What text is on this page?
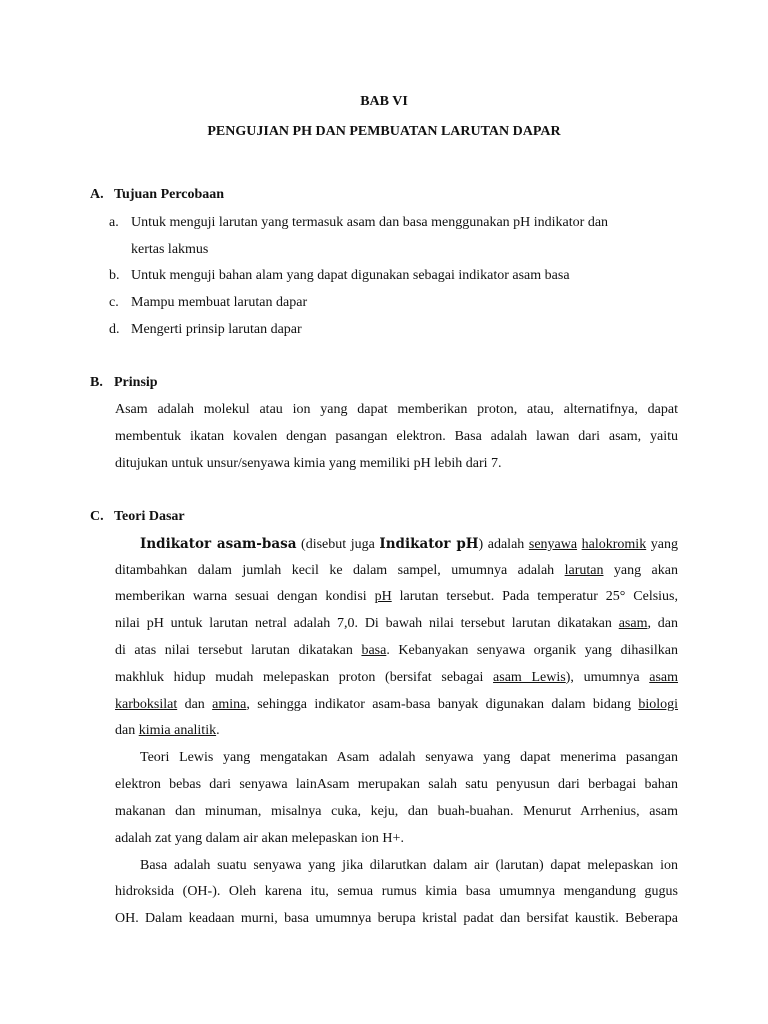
BAB VI
PENGUJIAN PH DAN PEMBUATAN LARUTAN DAPAR
A. Tujuan Percobaan
a. Untuk menguji larutan yang termasuk asam dan basa menggunakan pH indikator dan
kertas lakmus
b. Untuk menguji bahan alam yang dapat digunakan sebagai indikator asam basa
c. Mampu membuat larutan dapar
d. Mengerti prinsip larutan dapar
B. Prinsip
Asam adalah molekul atau ion yang dapat memberikan proton, atau, alternatifnya, dapat
membentuk ikatan kovalen dengan pasangan elektron. Basa adalah lawan dari asam, yaitu
ditujukan untuk unsur/senyawa kimia yang memiliki pH lebih dari 7.
C. Teori Dasar
Indikator asam-basa (disebut juga Indikator pH) adalah senyawa halokromik yang
ditambahkan dalam jumlah kecil ke dalam sampel, umumnya adalah larutan yang akan
memberikan warna sesuai dengan kondisi pH larutan tersebut. Pada temperatur 25° Celsius,
nilai pH untuk larutan netral adalah 7,0. Di bawah nilai tersebut larutan dikatakan asam, dan
di atas nilai tersebut larutan dikatakan basa. Kebanyakan senyawa organik yang dihasilkan
makhluk hidup mudah melepaskan proton (bersifat sebagai asam Lewis), umumnya asam
karboksilat dan amina, sehingga indikator asam-basa banyak digunakan dalam bidang biologi
dan kimia analitik.
Teori Lewis yang mengatakan Asam adalah senyawa yang dapat menerima pasangan
elektron bebas dari senyawa lainAsam merupakan salah satu penyusun dari berbagai bahan
makanan dan minuman, misalnya cuka, keju, dan buah-buahan. Menurut Arrhenius, asam
adalah zat yang dalam air akan melepaskan ion H+.
Basa adalah suatu senyawa yang jika dilarutkan dalam air (larutan) dapat melepaskan ion
hidroksida (OH-). Oleh karena itu, semua rumus kimia basa umumnya mengandung gugus
OH. Dalam keadaan murni, basa umumnya berupa kristal padat dan bersifat kaustik. Beberapa
